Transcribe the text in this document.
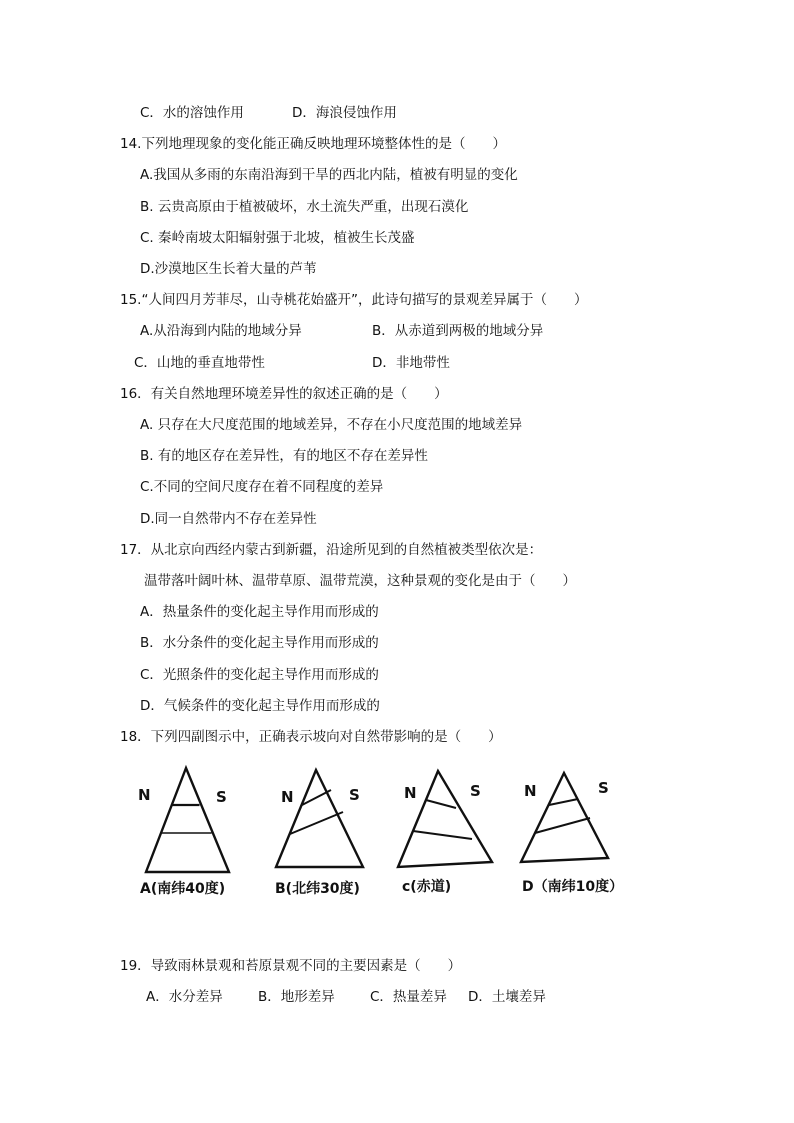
C．水的溶蚀作用	D．海浪侵蚀作用
14.下列地理现象的变化能正确反映地理环境整体性的是（　　）
A.我国从多雨的东南沿海到干旱的西北内陆，植被有明显的变化
B. 云贵高原由于植被破坏，水土流失严重，出现石漠化
C. 秦岭南坡太阳辐射强于北坡，植被生长茂盛
D.沙漠地区生长着大量的芦苇
15.“人间四月芳菲尽，山寺桃花始盛开”，此诗句描写的景观差异属于（　　）
A.从沿海到内陆的地域分异	B．从赤道到两极的地域分异
C．山地的垂直地带性	D．非地带性
16．有关自然地理环境差异性的叙述正确的是（　　）
A. 只存在大尺度范围的地域差异，不存在小尺度范围的地域差异
B. 有的地区存在差异性，有的地区不存在差异性
C.不同的空间尺度存在着不同程度的差异
D.同一自然带内不存在差异性
17．从北京向西经内蒙古到新疆，沿途所见到的自然植被类型依次是：
温带落叶阔叶林、温带草原、温带荒漠，这种景观的变化是由于（　　）
A．热量条件的变化起主导作用而形成的
B．水分条件的变化起主导作用而形成的
C．光照条件的变化起主导作用而形成的
D．气候条件的变化起主导作用而形成的
18．下列四副图示中，正确表示坡向对自然带影响的是（　　）
N	S
A(南纬40度)
N	S
B(北纬30度)
N	S
c(赤道)
N	S
D（南纬10度）
19．导致雨林景观和苔原景观不同的主要因素是（　　）
A．水分差异	B．地形差异	C．热量差异 D．土壤差异
